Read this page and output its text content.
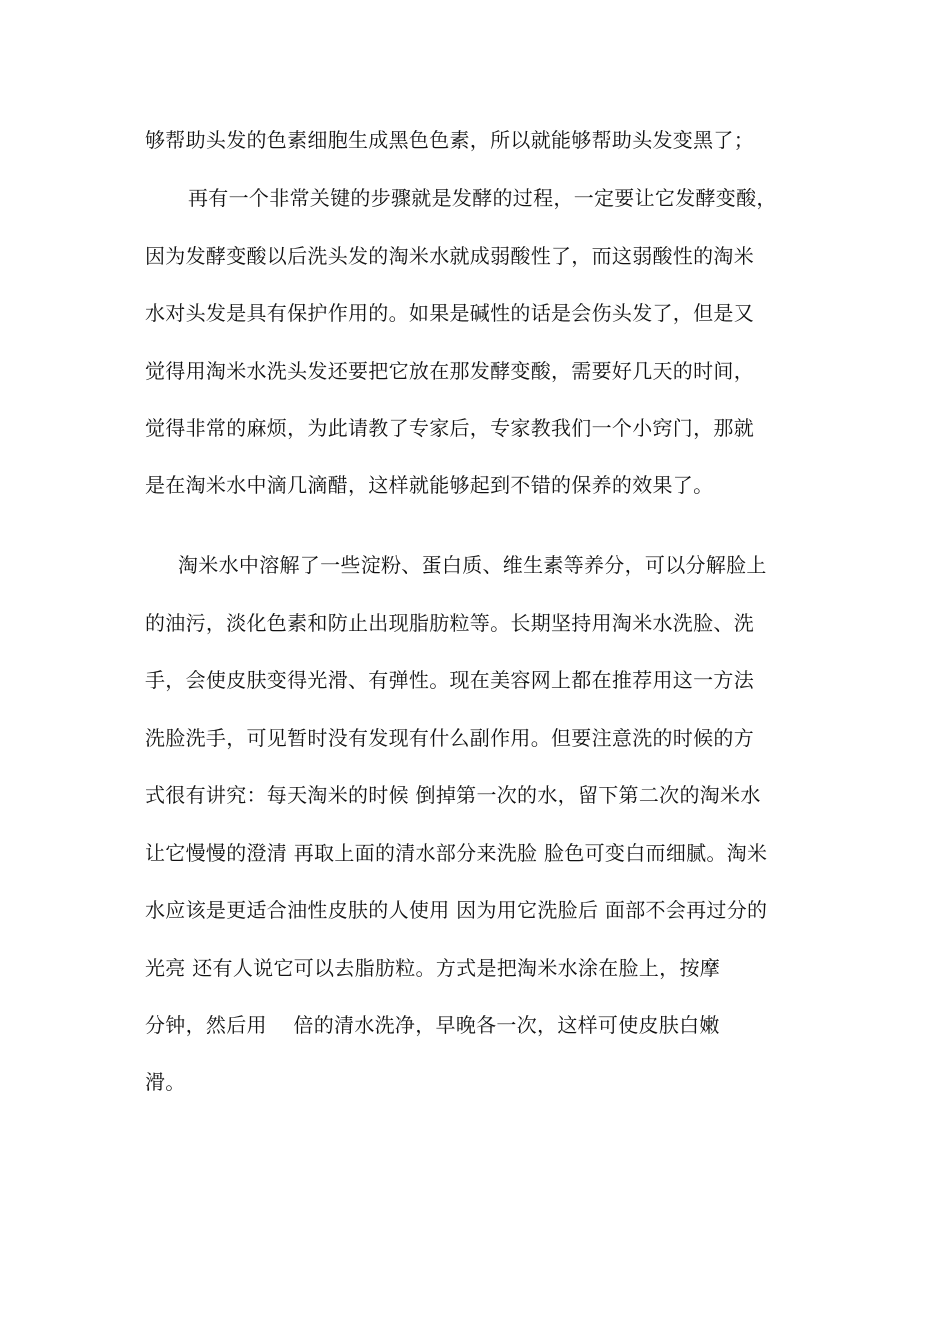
够帮助头发的色素细胞生成黑色色素，所以就能够帮助头发变黑了；
再有一个非常关键的步骤就是发酵的过程，一定要让它发酵变酸，
因为发酵变酸以后洗头发的淘米水就成弱酸性了，而这弱酸性的淘米
水对头发是具有保护作用的。如果是碱性的话是会伤头发了，但是又
觉得用淘米水洗头发还要把它放在那发酵变酸，需要好几天的时间，
觉得非常的麻烦，为此请教了专家后，专家教我们一个小窍门，那就
是在淘米水中滴几滴醋，这样就能够起到不错的保养的效果了。
淘米水中溶解了一些淀粉、蛋白质、维生素等养分，可以分解脸上
的油污，淡化色素和防止出现脂肪粒等。长期坚持用淘米水洗脸、洗
手，会使皮肤变得光滑、有弹性。现在美容网上都在推荐用这一方法
洗脸洗手，可见暂时没有发现有什么副作用。但要注意洗的时候的方
式很有讲究：每天淘米的时候 倒掉第一次的水，留下第二次的淘米水
让它慢慢的澄清 再取上面的清水部分来洗脸 脸色可变白而细腻。淘米
水应该是更适合油性皮肤的人使用 因为用它洗脸后 面部不会再过分的
光亮 还有人说它可以去脂肪粒。方式是把淘米水涂在脸上，按摩
分钟，然后用    倍的清水洗净，早晚各一次，这样可使皮肤白嫩
滑。
